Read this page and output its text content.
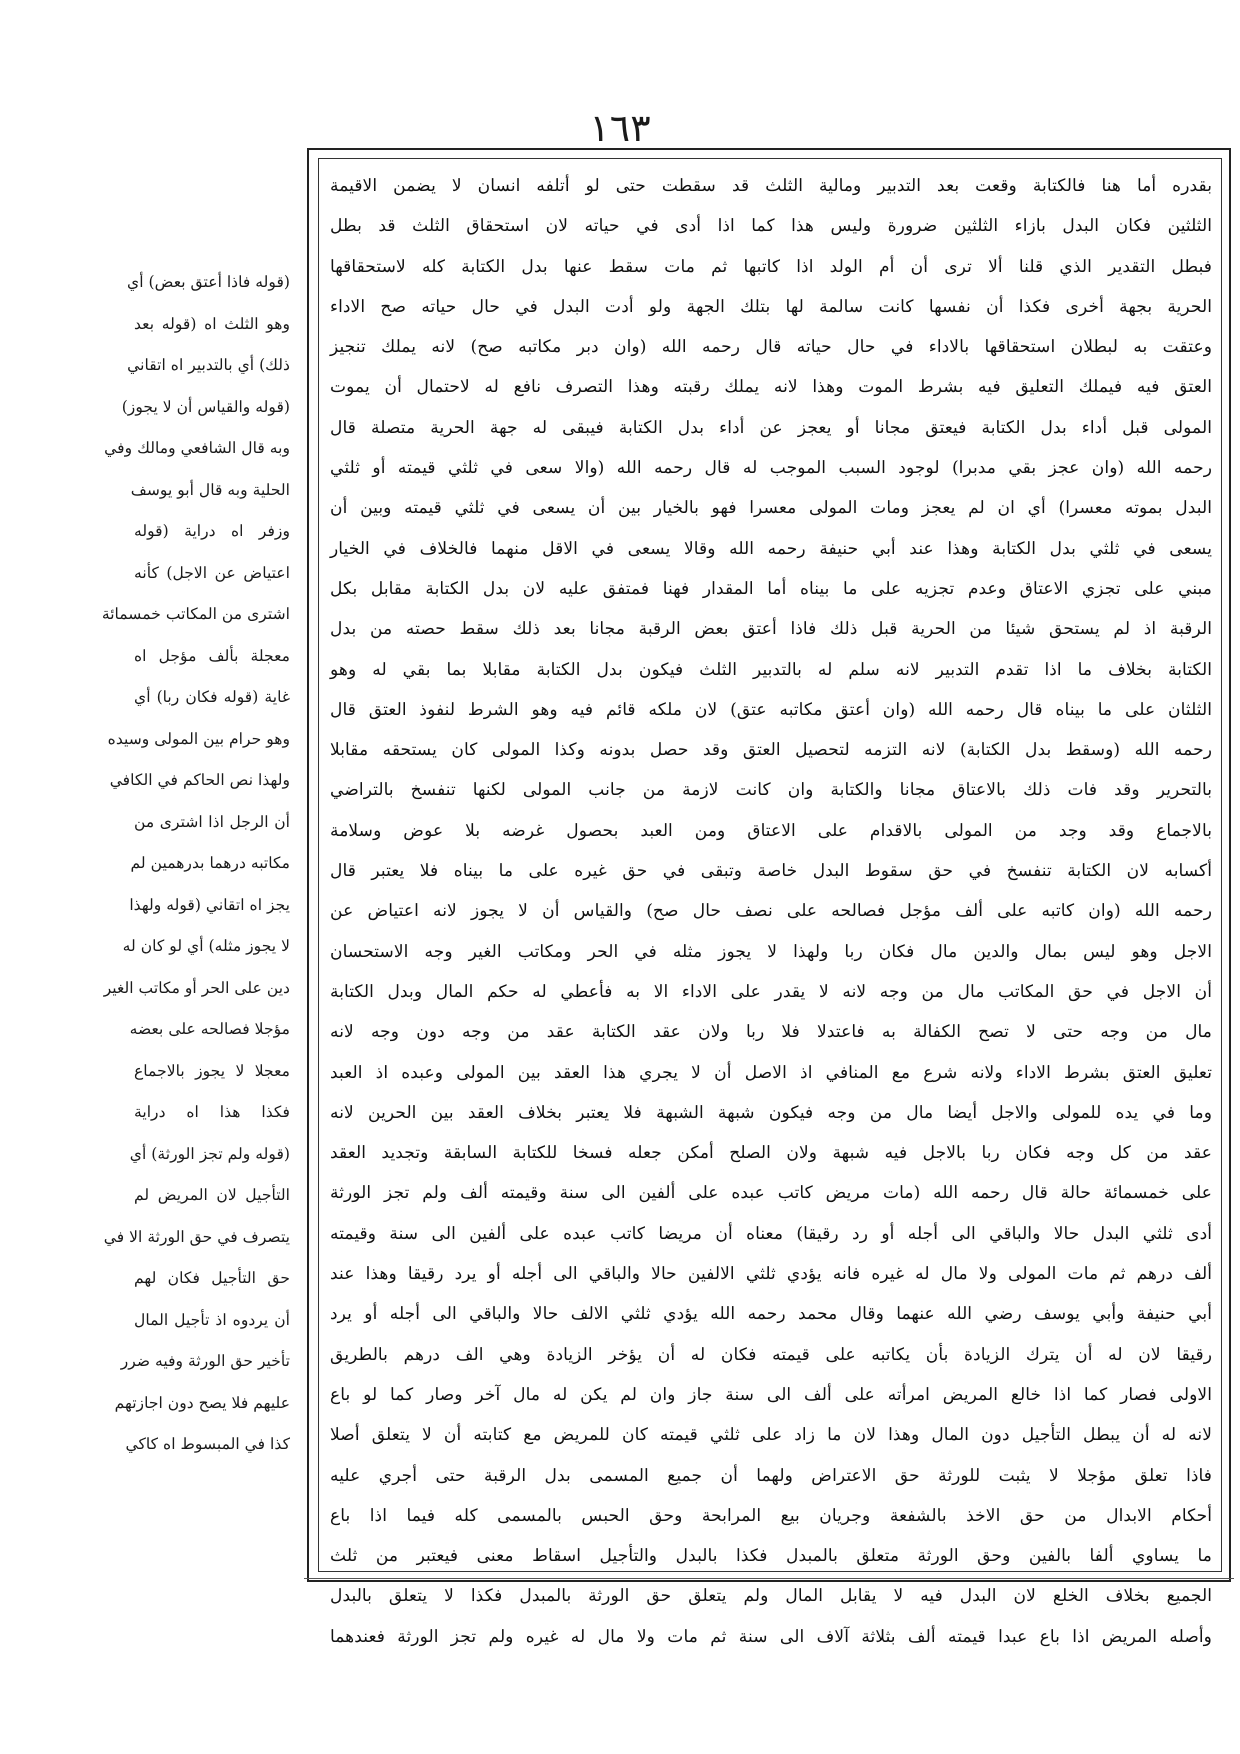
١٦٣
(قوله فاذا أعتق بعض) أي
وهو الثلث اه (قوله بعد
ذلك) أي بالتدبير اه اتقاني
(قوله والقياس أن لا يجوز)
وبه قال الشافعي ومالك وفي
الحلية وبه قال أبو يوسف
وزفر اه دراية (قوله
اعتياض عن الاجل) كأنه
اشترى من المكاتب خمسمائة
معجلة بألف مؤجل اه
غاية (قوله فكان ربا) أي
وهو حرام بين المولى وسيده
ولهذا نص الحاكم في الكافي
أن الرجل اذا اشترى من
مكاتبه درهما بدرهمين لم
يجز اه اتقاني (قوله ولهذا
لا يجوز مثله) أي لو كان له
دين على الحر أو مكاتب الغير
مؤجلا فصالحه على بعضه
معجلا لا يجوز بالاجماع
فكذا هذا اه دراية
(قوله ولم تجز الورثة) أي
التأجيل لان المريض لم
يتصرف في حق الورثة الا في
حق التأجيل فكان لهم
أن يردوه اذ تأجيل المال
تأخير حق الورثة وفيه ضرر
عليهم فلا يصح دون اجازتهم
كذا في المبسوط اه كاكي
بقدره أما هنا فالكتابة وقعت بعد التدبير ومالية الثلث قد سقطت حتى لو أتلفه انسان لا يضمن الاقيمة
الثلثين فكان البدل بازاء الثلثين ضرورة ولیس هذا كما اذا أدى في حياته لان استحقاق الثلث قد بطل
فبطل التقدير الذي قلنا ألا ترى أن أم الولد اذا كاتبها ثم مات سقط عنها بدل الكتابة كله لاستحقاقها
الحرية بجهة أخرى فكذا أن نفسها كانت سالمة لها بتلك الجهة ولو أدت البدل في حال حياته صح الاداء
وعتقت به لبطلان استحقاقها بالاداء في حال حياته قال رحمه الله (وان دبر مكاتبه صح) لانه يملك تنجيز
العتق فيه فيملك التعليق فيه بشرط الموت وهذا لانه يملك رقبته وهذا التصرف نافع له لاحتمال أن يموت
المولى قبل أداء بدل الكتابة فيعتق مجانا أو يعجز عن أداء بدل الكتابة فيبقى له جهة الحرية متصلة قال
رحمه الله (وان عجز بقي مدبرا) لوجود السبب الموجب له قال رحمه الله (والا سعى في ثلثي قيمته أو ثلثي
البدل بموته معسرا) أي ان لم يعجز ومات المولى معسرا فهو بالخيار بين أن يسعى في ثلثي قيمته وبين أن
يسعى في ثلثي بدل الكتابة وهذا عند أبي حنيفة رحمه الله وقالا يسعى في الاقل منهما فالخلاف في الخيار
مبني على تجزي الاعتاق وعدم تجزيه على ما بيناه أما المقدار فهنا فمتفق عليه لان بدل الكتابة مقابل بكل
الرقبة اذ لم يستحق شيئا من الحرية قبل ذلك فاذا أعتق بعض الرقبة مجانا بعد ذلك سقط حصته من بدل
الكتابة بخلاف ما اذا تقدم التدبير لانه سلم له بالتدبير الثلث فيكون بدل الكتابة مقابلا بما بقي له وهو
الثلثان على ما بيناه قال رحمه الله (وان أعتق مكاتبه عتق) لان ملكه قائم فيه وهو الشرط لنفوذ العتق قال
رحمه الله (وسقط بدل الكتابة) لانه التزمه لتحصيل العتق وقد حصل بدونه وكذا المولى كان يستحقه مقابلا
بالتحرير وقد فات ذلك بالاعتاق مجانا والكتابة وان كانت لازمة من جانب المولى لكنها تنفسخ بالتراضي
بالاجماع وقد وجد من المولى بالاقدام على الاعتاق ومن العبد بحصول غرضه بلا عوض وسلامة
أكسابه لان الكتابة تنفسخ في حق سقوط البدل خاصة وتبقى في حق غيره على ما بيناه فلا يعتبر قال
رحمه الله (وان كاتبه على ألف مؤجل فصالحه على نصف حال صح) والقياس أن لا يجوز لانه اعتياض عن
الاجل وهو ليس بمال والدين مال فكان ربا ولهذا لا يجوز مثله في الحر ومكاتب الغير وجه الاستحسان
أن الاجل في حق المكاتب مال من وجه لانه لا يقدر على الاداء الا به فأعطي له حكم المال وبدل الكتابة
مال من وجه حتى لا تصح الكفالة به فاعتدلا فلا ربا ولان عقد الكتابة عقد من وجه دون وجه لانه
تعليق العتق بشرط الاداء ولانه شرع مع المنافي اذ الاصل أن لا يجري هذا العقد بين المولى وعبده اذ العبد
وما في يده للمولى والاجل أيضا مال من وجه فيكون شبهة الشبهة فلا يعتبر بخلاف العقد بين الحرين لانه
عقد من كل وجه فكان ربا بالاجل فيه شبهة ولان الصلح أمكن جعله فسخا للكتابة السابقة وتجديد العقد
على خمسمائة حالة قال رحمه الله (مات مريض كاتب عبده على ألفين الى سنة وقيمته ألف ولم تجز الورثة
أدى ثلثي البدل حالا والباقي الى أجله أو رد رقيقا) معناه أن مريضا كاتب عبده على ألفين الى سنة وقيمته
ألف درهم ثم مات المولى ولا مال له غيره فانه يؤدي ثلثي الالفين حالا والباقي الى أجله أو يرد رقيقا وهذا عند
أبي حنيفة وأبي يوسف رضي الله عنهما وقال محمد رحمه الله يؤدي ثلثي الالف حالا والباقي الى أجله أو يرد
رقيقا لان له أن يترك الزيادة بأن يكاتبه على قيمته فكان له أن يؤخر الزيادة وهي الف درهم بالطريق
الاولى فصار كما اذا خالع المريض امرأته على ألف الى سنة جاز وان لم يكن له مال آخر وصار كما لو باع
لانه له أن يبطل التأجيل دون المال وهذا لان ما زاد على ثلثي قيمته كان للمريض مع كتابته أن لا يتعلق أصلا
فاذا تعلق مؤجلا لا يثبت للورثة حق الاعتراض ولهما أن جميع المسمى بدل الرقبة حتى أجري عليه
أحكام الابدال من حق الاخذ بالشفعة وجريان بيع المرابحة وحق الحبس بالمسمى كله فيما اذا باع
ما يساوي ألفا بالفين وحق الورثة متعلق بالمبدل فكذا بالبدل والتأجيل اسقاط معنى فيعتبر من ثلث
الجميع بخلاف الخلع لان البدل فيه لا يقابل المال ولم يتعلق حق الورثة بالمبدل فكذا لا يتعلق بالبدل
وأصله المريض اذا باع عبدا قيمته ألف بثلاثة آلاف الى سنة ثم مات ولا مال له غيره ولم تجز الورثة فعندهما
